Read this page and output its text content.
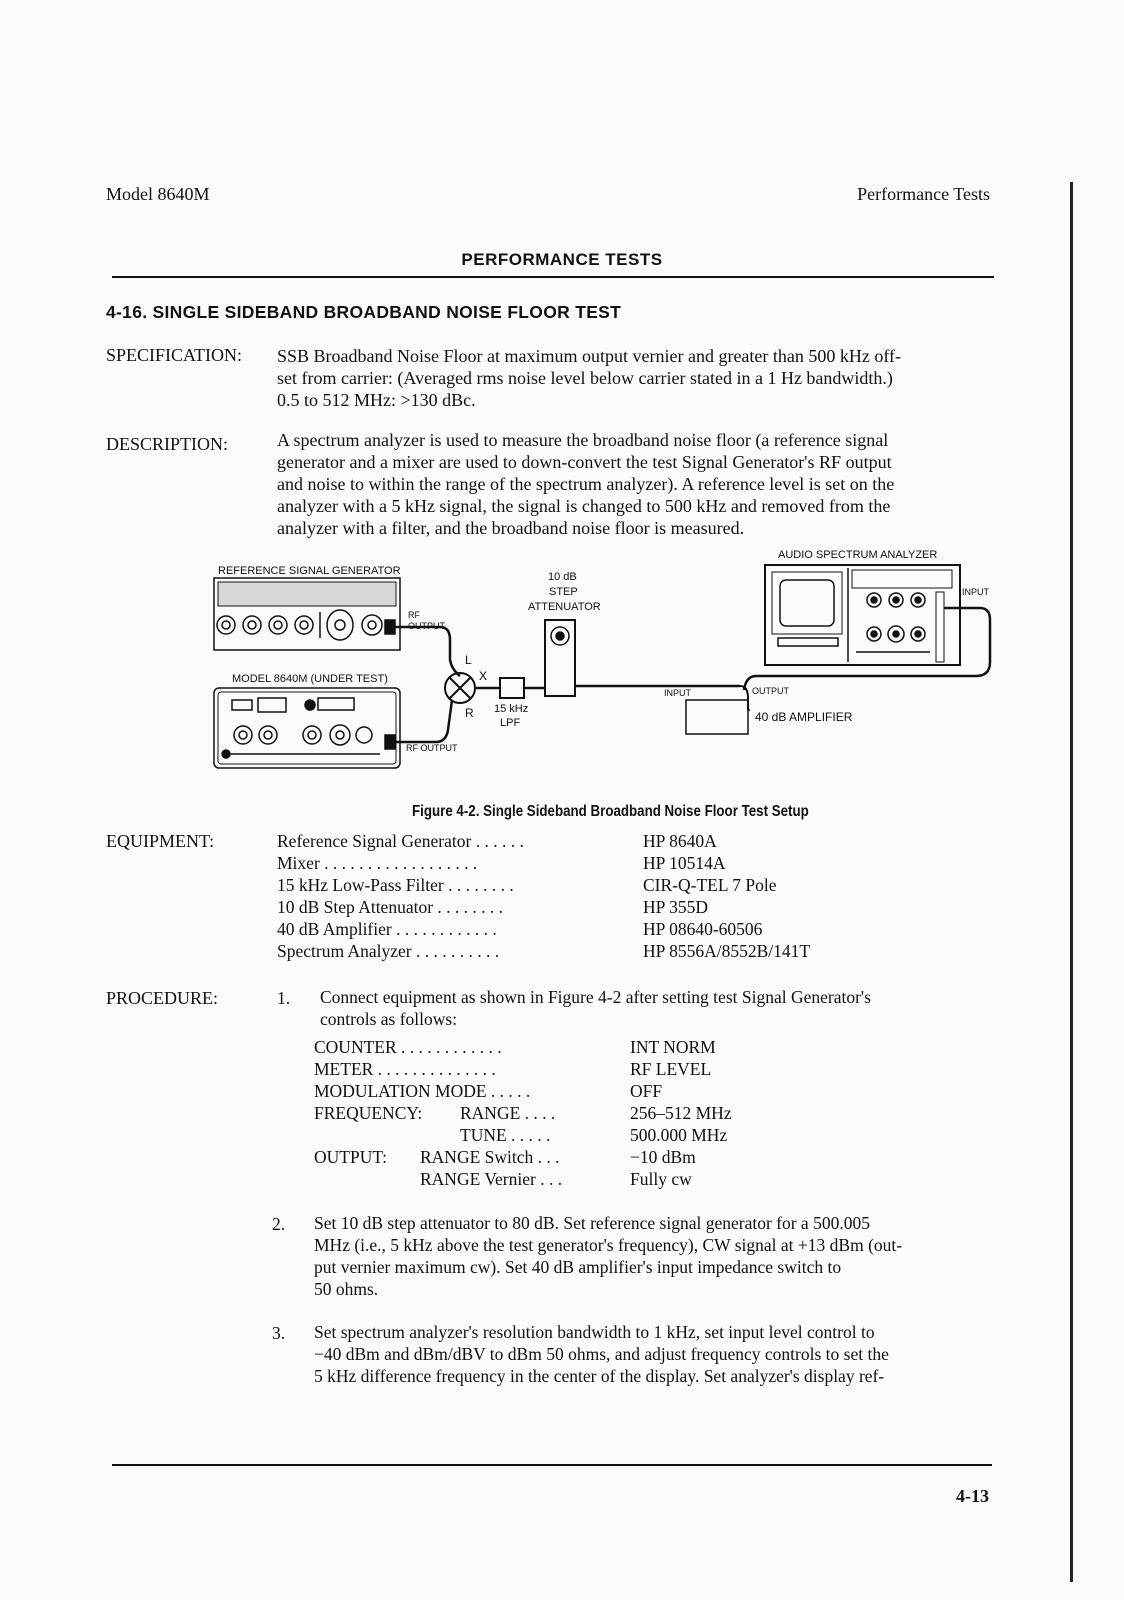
Model 8640M	Performance Tests
PERFORMANCE TESTS
4-16. SINGLE SIDEBAND BROADBAND NOISE FLOOR TEST
SPECIFICATION: SSB Broadband Noise Floor at maximum output vernier and greater than 500 kHz off-

set from carrier: (Averaged rms noise level below carrier stated in a 1 Hz bandwidth.)

0.5 to 512 MHz: >130 dBc.

DESCRIPTION:	A spectrum analyzer is used to measure the broadband noise floor (a reference signal

generator and a mixer are used to down-convert the test Signal Generator's RF output

and noise to within the range of the spectrum analyzer). A reference level is set on the

analyzer with a 5 kHz signal, the signal is changed to 500 kHz and removed from the

analyzer with a filter, and the broadband noise floor is measured.

REFERENCE SIGNAL GENERATOR
MODEL 8640M (UNDER TEST)
RF
OUTPUT
RF OUTPUT
L
X
R 15 kHz
LPF
10 dB
STEP
ATTENUATOR
AUDIO SPECTRUM ANALYZER
INPUT
INPUT	OUTPUT
40 dB AMPLIFIER
Figure 4-2. Single Sideband Broadband Noise Floor Test Setup
EQUIPMENT:	Reference Signal Generator . . . . . .	HP 8640A
Mixer . . . . . . . . . . . . . . . . . .	HP 10514A
15 kHz Low-Pass Filter . . . . . . . .	CIR-Q-TEL 7 Pole
10 dB Step Attenuator . . . . . . . .	HP 355D
40 dB Amplifier . . . . . . . . . . . .	HP 08640-60506
Spectrum Analyzer . . . . . . . . . .	HP 8556A/8552B/141T
PROCEDURE:	1. Connect equipment as shown in Figure 4-2 after setting test Signal Generator's
controls as follows:
COUNTER . . . . . . . . . . . .	INT NORM
METER . . . . . . . . . . . . . .	RF LEVEL
MODULATION MODE . . . . .	OFF
FREQUENCY: RANGE . . . .	256–512 MHz
TUNE . . . . .	500.000 MHz
OUTPUT: RANGE Switch . . .	−10 dBm
RANGE Vernier . . .	Fully cw
2. Set 10 dB step attenuator to 80 dB. Set reference signal generator for a 500.005
MHz (i.e., 5 kHz above the test generator's frequency), CW signal at +13 dBm (out-
put vernier maximum cw). Set 40 dB amplifier's input impedance switch to
50 ohms.
3. Set spectrum analyzer's resolution bandwidth to 1 kHz, set input level control to
−40 dBm and dBm/dBV to dBm 50 ohms, and adjust frequency controls to set the
5 kHz difference frequency in the center of the display. Set analyzer's display ref-
4-13
